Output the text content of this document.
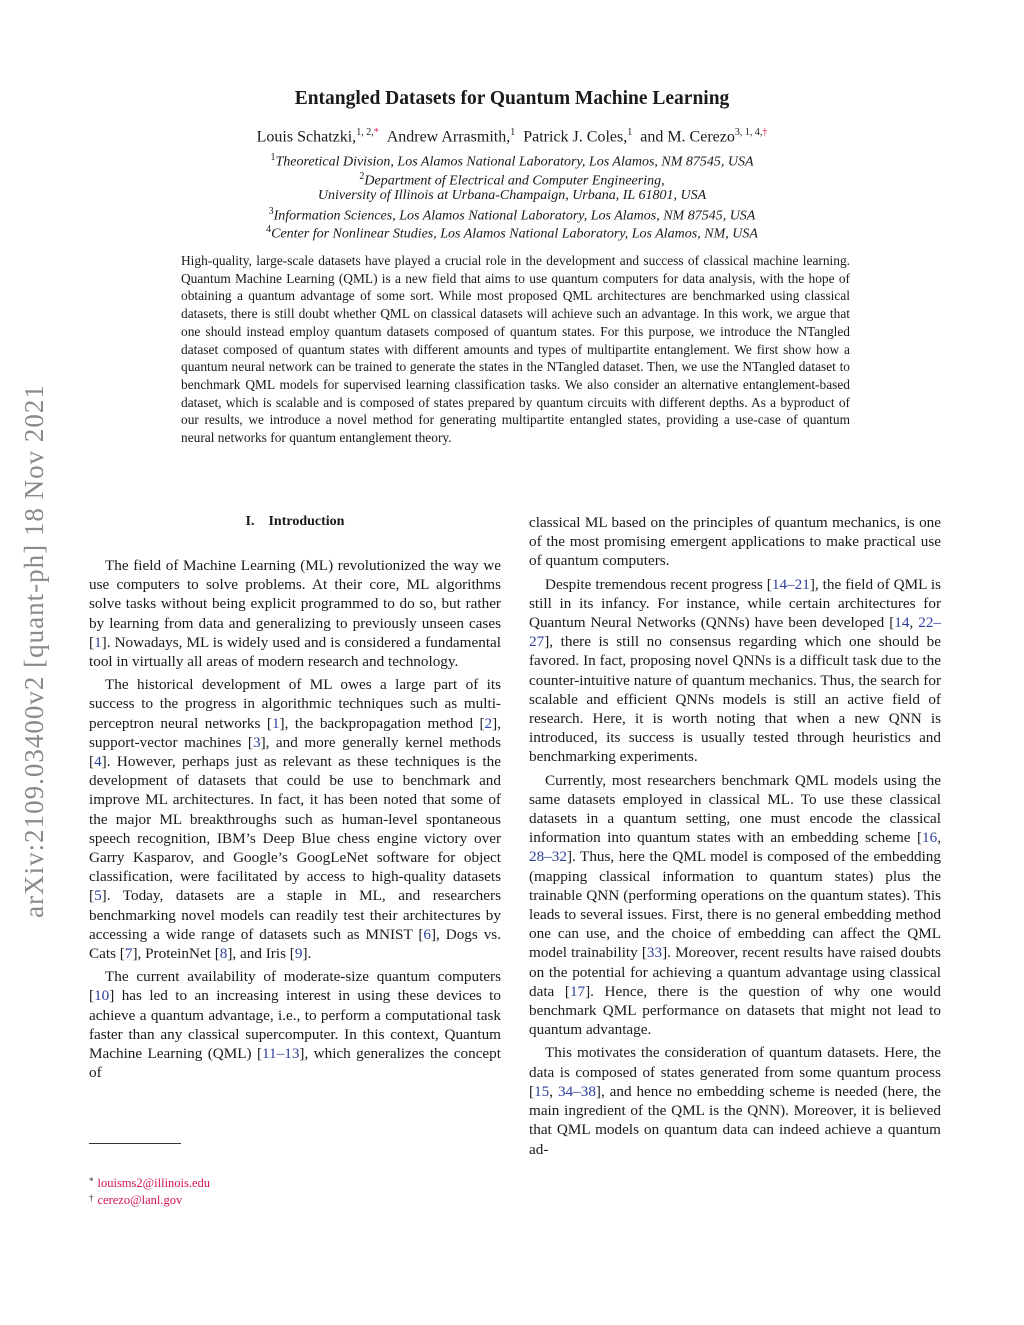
arXiv:2109.03400v2 [quant-ph] 18 Nov 2021
Entangled Datasets for Quantum Machine Learning
Louis Schatzki,$^{1, 2,*}$ Andrew Arrasmith,$^1$ Patrick J. Coles,$^1$ and M. Cerezo$^{3, 1, 4,\dagger}$
$^1$Theoretical Division, Los Alamos National Laboratory, Los Alamos, NM 87545, USA
$^2$Department of Electrical and Computer Engineering,
University of Illinois at Urbana-Champaign, Urbana, IL 61801, USA
$^3$Information Sciences, Los Alamos National Laboratory, Los Alamos, NM 87545, USA
$^4$Center for Nonlinear Studies, Los Alamos National Laboratory, Los Alamos, NM, USA
High-quality, large-scale datasets have played a crucial role in the development and success of classical machine learning. Quantum Machine Learning (QML) is a new field that aims to use quantum computers for data analysis, with the hope of obtaining a quantum advantage of some sort. While most proposed QML architectures are benchmarked using classical datasets, there is still doubt whether QML on classical datasets will achieve such an advantage. In this work, we argue that one should instead employ quantum datasets composed of quantum states. For this purpose, we introduce the NTangled dataset composed of quantum states with different amounts and types of multipartite entanglement. We first show how a quantum neural network can be trained to generate the states in the NTangled dataset. Then, we use the NTangled dataset to benchmark QML models for supervised learning classification tasks. We also consider an alternative entanglement-based dataset, which is scalable and is composed of states prepared by quantum circuits with different depths. As a byproduct of our results, we introduce a novel method for generating multipartite entangled states, providing a use-case of quantum neural networks for quantum entanglement theory.
I. Introduction

The field of Machine Learning (ML) revolutionized the way we use computers to solve problems. At their core, ML algorithms solve tasks without being explicit programmed to do so, but rather by learning from data and generalizing to previously unseen cases [1]. Nowadays, ML is widely used and is considered a fundamental tool in virtually all areas of modern research and technology.

The historical development of ML owes a large part of its success to the progress in algorithmic techniques such as multi-perceptron neural networks [1], the backpropagation method [2], support-vector machines [3], and more generally kernel methods [4]. However, perhaps just as relevant as these techniques is the development of datasets that could be use to benchmark and improve ML architectures. In fact, it has been noted that some of the major ML breakthroughs such as human-level spontaneous speech recognition, IBM’s Deep Blue chess engine victory over Garry Kasparov, and Google’s GoogLeNet software for object classification, were facilitated by access to high-quality datasets [5]. Today, datasets are a staple in ML, and researchers benchmarking novel models can readily test their architectures by accessing a wide range of datasets such as MNIST [6], Dogs vs. Cats [7], ProteinNet [8], and Iris [9].

The current availability of moderate-size quantum computers [10] has led to an increasing interest in using these devices to achieve a quantum advantage, i.e., to perform a computational task faster than any classical supercomputer. In this context, Quantum Machine Learning (QML) [11–13], which generalizes the concept of

classical ML based on the principles of quantum mechanics, is one of the most promising emergent applications to make practical use of quantum computers.

Despite tremendous recent progress [14–21], the field of QML is still in its infancy. For instance, while certain architectures for Quantum Neural Networks (QNNs) have been developed [14, 22–27], there is still no consensus regarding which one should be favored. In fact, proposing novel QNNs is a difficult task due to the counter-intuitive nature of quantum mechanics. Thus, the search for scalable and efficient QNNs models is still an active field of research. Here, it is worth noting that when a new QNN is introduced, its success is usually tested through heuristics and benchmarking experiments.

Currently, most researchers benchmark QML models using the same datasets employed in classical ML. To use these classical datasets in a quantum setting, one must encode the classical information into quantum states with an embedding scheme [16, 28–32]. Thus, here the QML model is composed of the embedding (mapping classical information to quantum states) plus the trainable QNN (performing operations on the quantum states). This leads to several issues. First, there is no general embedding method one can use, and the choice of embedding can affect the QML model trainability [33]. Moreover, recent results have raised doubts on the potential for achieving a quantum advantage using classical data [17]. Hence, there is the question of why one would benchmark QML performance on datasets that might not lead to quantum advantage.

This motivates the consideration of quantum datasets. Here, the data is composed of states generated from some quantum process [15, 34–38], and hence no embedding scheme is needed (here, the main ingredient of the QML is the QNN). Moreover, it is believed that QML models on quantum data can indeed achieve a quantum ad-

* louisms2@illinois.edu
† cerezo@lanl.gov
